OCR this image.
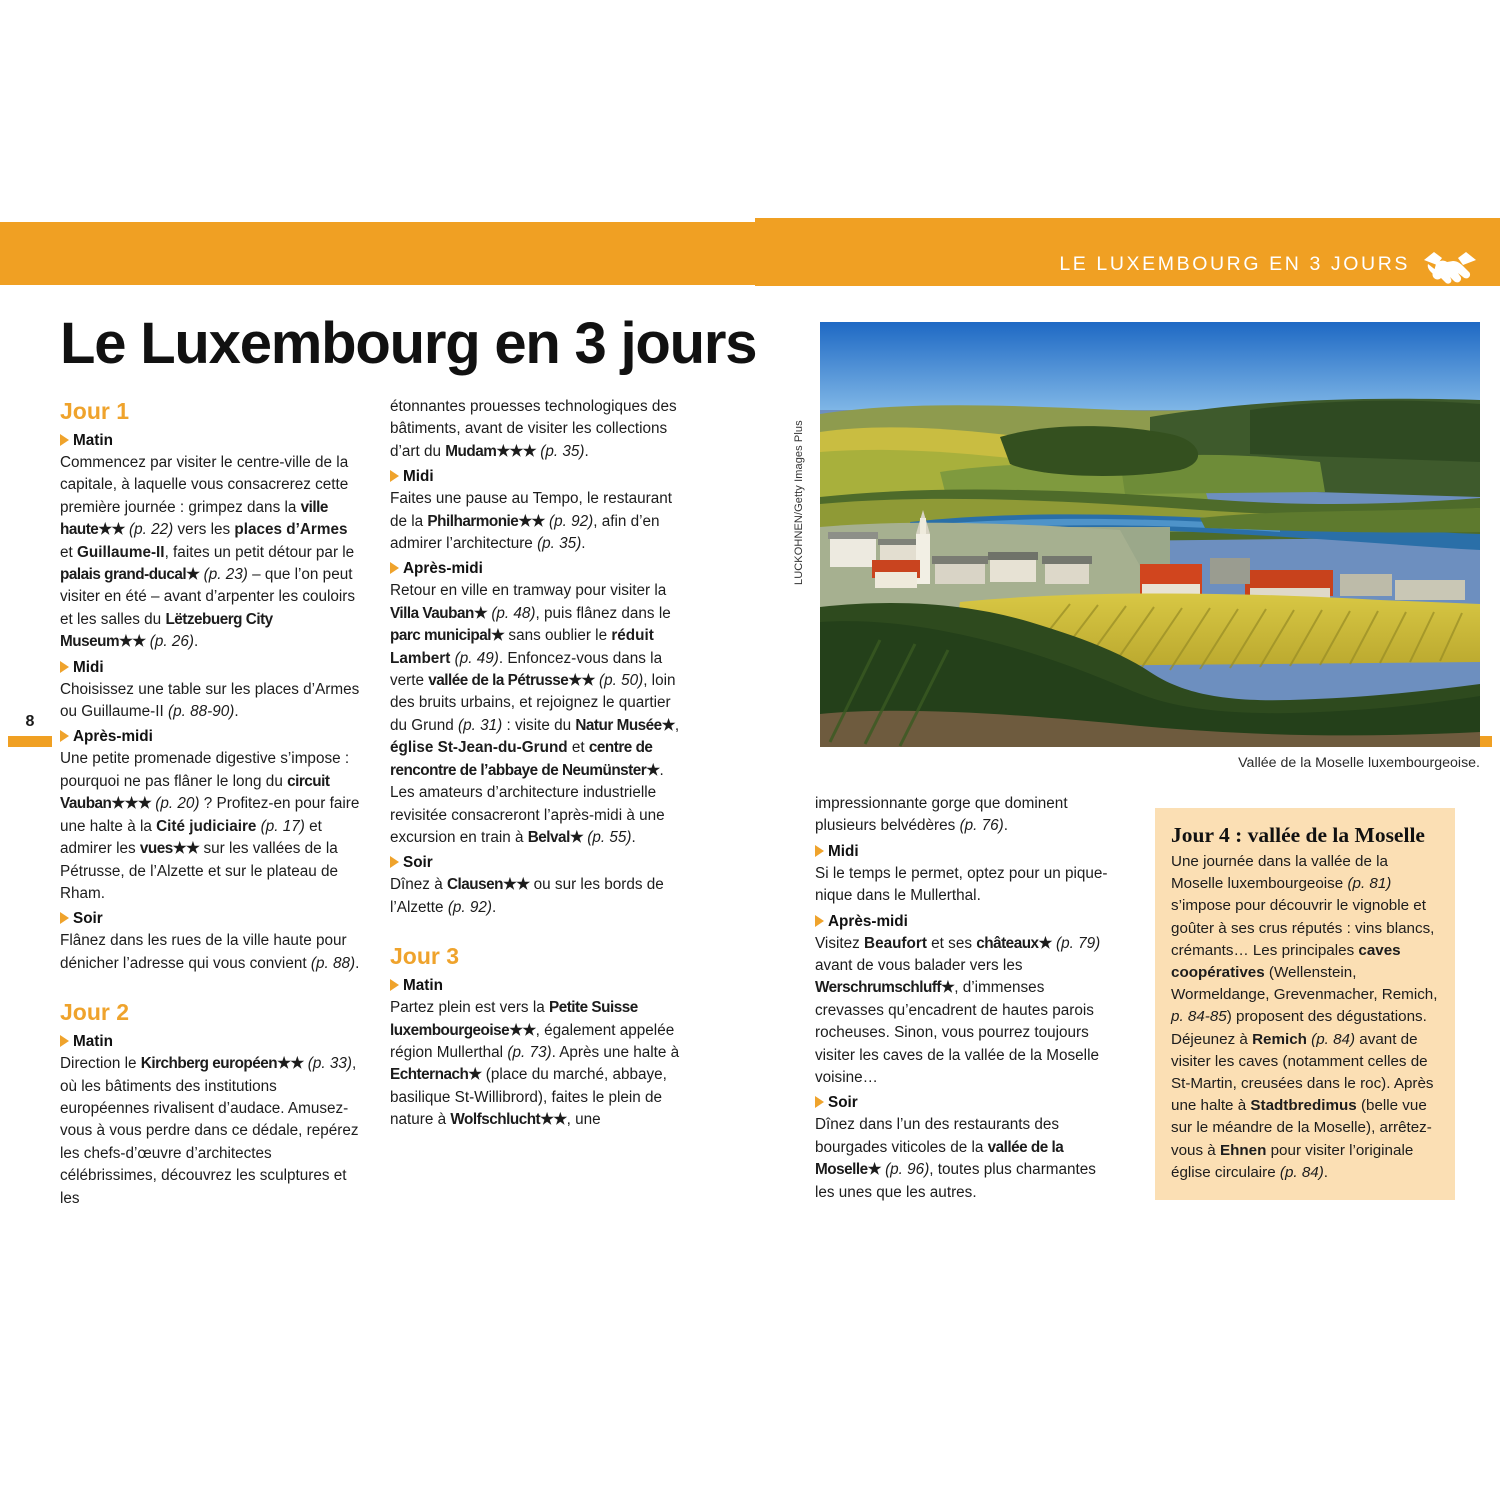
LE LUXEMBOURG EN 3 JOURS
8
Le Luxembourg en 3 jours
Jour 1
Matin

Commencez par visiter le centre-ville de la capitale, à laquelle vous consacrerez cette première journée : grimpez dans la ville haute★★ (p. 22) vers les places d’Armes et Guillaume-II, faites un petit détour par le palais grand-ducal★ (p. 23) – que l’on peut visiter en été – avant d’arpenter les couloirs et les salles du Lëtzebuerg City Museum★★ (p. 26).

Midi

Choisissez une table sur les places d’Armes ou Guillaume-II (p. 88-90).

Après-midi

Une petite promenade digestive s’impose : pourquoi ne pas flâner le long du circuit Vauban★★★ (p. 20) ? Profitez-en pour faire une halte à la Cité judiciaire (p. 17) et admirer les vues★★ sur les vallées de la Pétrusse, de l’Alzette et sur le plateau de Rham.

Soir

Flânez dans les rues de la ville haute pour dénicher l’adresse qui vous convient (p. 88).

Jour 2
Matin

Direction le Kirchberg européen★★ (p. 33), où les bâtiments des institutions européennes rivalisent d’audace. Amusez-vous à vous perdre dans ce dédale, repérez les chefs-d’œuvre d’architectes célébrissimes, découvrez les sculptures et les

étonnantes prouesses technologiques des bâtiments, avant de visiter les collections d’art du Mudam★★★ (p. 35).

Midi

Faites une pause au Tempo, le restaurant de la Philharmonie★★ (p. 92), afin d’en admirer l’architecture (p. 35).

Après-midi

Retour en ville en tramway pour visiter la Villa Vauban★ (p. 48), puis flânez dans le parc municipal★ sans oublier le réduit Lambert (p. 49). Enfoncez-vous dans la verte vallée de la Pétrusse★★ (p. 50), loin des bruits urbains, et rejoignez le quartier du Grund (p. 31) : visite du Natur Musée★, église St-Jean-du-Grund et centre de rencontre de l’abbaye de Neumünster★. Les amateurs d’architecture industrielle revisitée consacreront l’après-midi à une excursion en train à Belval★ (p. 55).

Soir

Dînez à Clausen★★ ou sur les bords de l’Alzette (p. 92).

Jour 3
Matin

Partez plein est vers la Petite Suisse luxembourgeoise★★, également appelée région Mullerthal (p. 73). Après une halte à Echternach★ (place du marché, abbaye, basilique St-Willibrord), faites le plein de nature à Wolfschlucht★★, une

LUCKOHNEN/Getty Images Plus
Vallée de la Moselle luxembourgeoise.

impressionnante gorge que dominent plusieurs belvédères (p. 76).

Midi

Si le temps le permet, optez pour un pique-nique dans le Mullerthal.

Après-midi

Visitez Beaufort et ses châteaux★ (p. 79) avant de vous balader vers les Werschrumschluff★, d’immenses crevasses qu’encadrent de hautes parois rocheuses. Sinon, vous pourrez toujours visiter les caves de la vallée de la Moselle voisine…

Soir

Dînez dans l’un des restaurants des bourgades viticoles de la vallée de la Moselle★ (p. 96), toutes plus charmantes les unes que les autres.

Jour 4 : vallée de la Moselle

Une journée dans la vallée de la Moselle luxembourgeoise (p. 81) s’impose pour découvrir le vignoble et goûter à ses crus réputés : vins blancs, crémants… Les principales caves coopératives (Wellenstein, Wormeldange, Grevenmacher, Remich, p. 84-85) proposent des dégustations. Déjeunez à Remich (p. 84) avant de visiter les caves (notamment celles de St-Martin, creusées dans le roc). Après une halte à Stadtbredimus (belle vue sur le méandre de la Moselle), arrêtez-vous à Ehnen pour visiter l’originale église circulaire (p. 84).
